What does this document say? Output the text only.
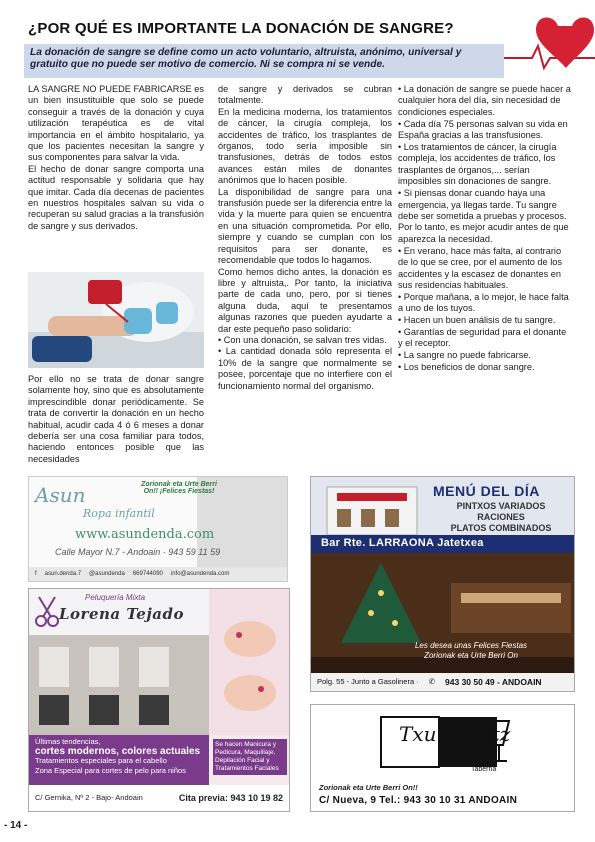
¿POR QUÉ ES IMPORTANTE LA DONACIÓN DE SANGRE?
La donación de sangre se define como un acto voluntario, altruista, anónimo, universal y gratuito que no puede ser motivo de comercio. Ni se compra ni se vende.

LA SANGRE NO PUEDE FABRICARSE es un bien insustituible que solo se puede conseguir a través de la donación y cuya utilización terapéutica es de vital importancia en el ámbito hospitalario, ya que los pacientes necesitan la sangre y sus componentes para salvar la vida.

El hecho de donar sangre comporta una actitud responsable y solidaria que hay que imitar. Cada día decenas de pacientes en nuestros hospitales salvan su vida o recuperan su salud gracias a la transfusión de sangre y sus derivados.

Por ello no se trata de donar sangre solamente hoy, sino que es absolutamente imprescindible donar periódicamente. Se trata de convertir la donación en un hecho habitual, acudir cada 4 ó 6 meses a donar debería ser una cosa familiar para todos, haciendo entonces posible que las necesidades

de sangre y derivados se cubran totalmente.

En la medicina moderna, los tratamientos de cáncer, la cirugía compleja, los accidentes de tráfico, los trasplantes de órganos, todo sería imposible sin transfusiones, detrás de todos estos avances están miles de donantes anónimos que lo hacen posible.

La disponibilidad de sangre para una transfusión puede ser la diferencia entre la vida y la muerte para quien se encuentra en una situación comprometida. Por ello, siempre y cuando se cumplan con los requisitos para ser donante, es recomendable que todos lo hagamos.

Como hemos dicho antes, la donación es libre y altruista,. Por tanto, la iniciativa parte de cada uno, pero, por si tienes alguna duda, aquí te presentamos algunas razones que pueden ayudarte a dar este pequeño paso solidario:

• Con una donación, se salvan tres vidas.

• La cantidad donada sólo representa el 10% de la sangre que normalmente se posee, porcentaje que no interfiere con el funcionamiento normal del organismo.

• La donación de sangre se puede hacer a cualquier hora del día, sin necesidad de condiciones especiales.

• Cada día 75 personas salvan su vida en España gracias a las transfusiones.

• Los tratamientos de cáncer, la cirugía compleja, los accidentes de tráfico, los trasplantes de órganos,... serían imposibles sin donaciones de sangre.

• Si piensas donar cuando haya una emergencia, ya llegas tarde. Tu sangre debe ser sometida a pruebas y procesos. Por lo tanto, es mejor acudir antes de que aparezca la necesidad.

• En verano, hace más falta, al contrario de lo que se cree, por el aumento de los accidentes y la escasez de donantes en sus residencias habituales.

• Porque mañana, a lo mejor, le hace falta a uno de los tuyos.

• Hacen un buen análisis de tu sangre.

• Garantías de seguridad para el donante y el receptor.

• La sangre no puede fabricarse.

• Los beneficios de donar sangre.

Asun
Ropa infantil
Zorionak eta Urte Berri On!! ¡Felices Fiestas!
www.asundenda.com
Calle Mayor N.7 - Andoain · 943 59 11 59
f asun.denda.7 @asundenda 669744090 info@asundenda.com
MENÚ DEL DÍA
PINTXOS VARIADOS
RACIONES
PLATOS COMBINADOS
Bar Rte. LARRAONA Jatetxea
Les desea unas Felices Fiestas
Zorionak eta Urte Berri On
Polg. 55 - Junto a Gasolinera · ✆ 943 30 50 49 - ANDOAIN
Peluquería Mixta
Lorena Tejado
Últimas tendencias,
cortes modernos, colores actuales
Tratamientos especiales para el cabello
Zona Especial para cortes de pelo para niños
Se hacen Manicura y Pedicura, Maquillaje, Depilación Facial y Tratamientos Faciales
C/ Gernika, Nº 2 - Bajo- Andoain	Cita previa: 943 10 19 82
Txuri Beltz
Taberna
Zorionak eta Urte Berri On!!
C/ Nueva, 9 Tel.: 943 30 10 31 ANDOAIN
- 14 -
